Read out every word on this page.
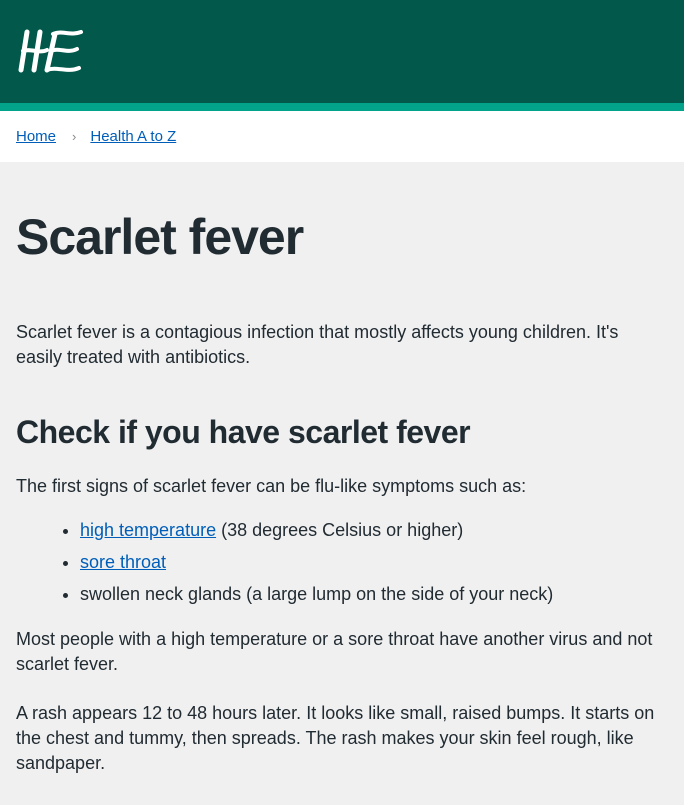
Home › Health A to Z
Scarlet fever

Scarlet fever is a contagious infection that mostly affects young children. It's easily treated with antibiotics.

Check if you have scarlet fever

The first signs of scarlet fever can be flu-like symptoms such as:

• high temperature (38 degrees Celsius or higher)
• sore throat
• swollen neck glands (a large lump on the side of your neck)

Most people with a high temperature or a sore throat have another virus and not scarlet fever.

A rash appears 12 to 48 hours later. It looks like small, raised bumps. It starts on the chest and tummy, then spreads. The rash makes your skin feel rough, like sandpaper.
